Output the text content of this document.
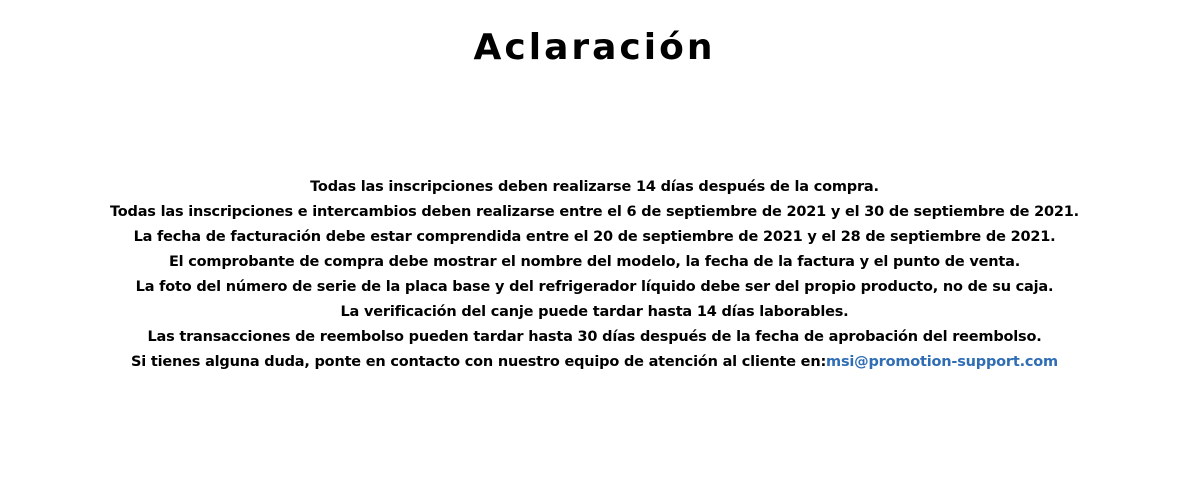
Aclaración
Todas las inscripciones deben realizarse 14 días después de la compra.
Todas las inscripciones e intercambios deben realizarse entre el 6 de septiembre de 2021 y el 30 de septiembre de 2021.
La fecha de facturación debe estar comprendida entre el 20 de septiembre de 2021 y el 28 de septiembre de 2021.
El comprobante de compra debe mostrar el nombre del modelo, la fecha de la factura y el punto de venta.
La foto del número de serie de la placa base y del refrigerador líquido debe ser del propio producto, no de su caja.
La verificación del canje puede tardar hasta 14 días laborables.
Las transacciones de reembolso pueden tardar hasta 30 días después de la fecha de aprobación del reembolso.
Si tienes alguna duda, ponte en contacto con nuestro equipo de atención al cliente en:msi@promotion-support.com
